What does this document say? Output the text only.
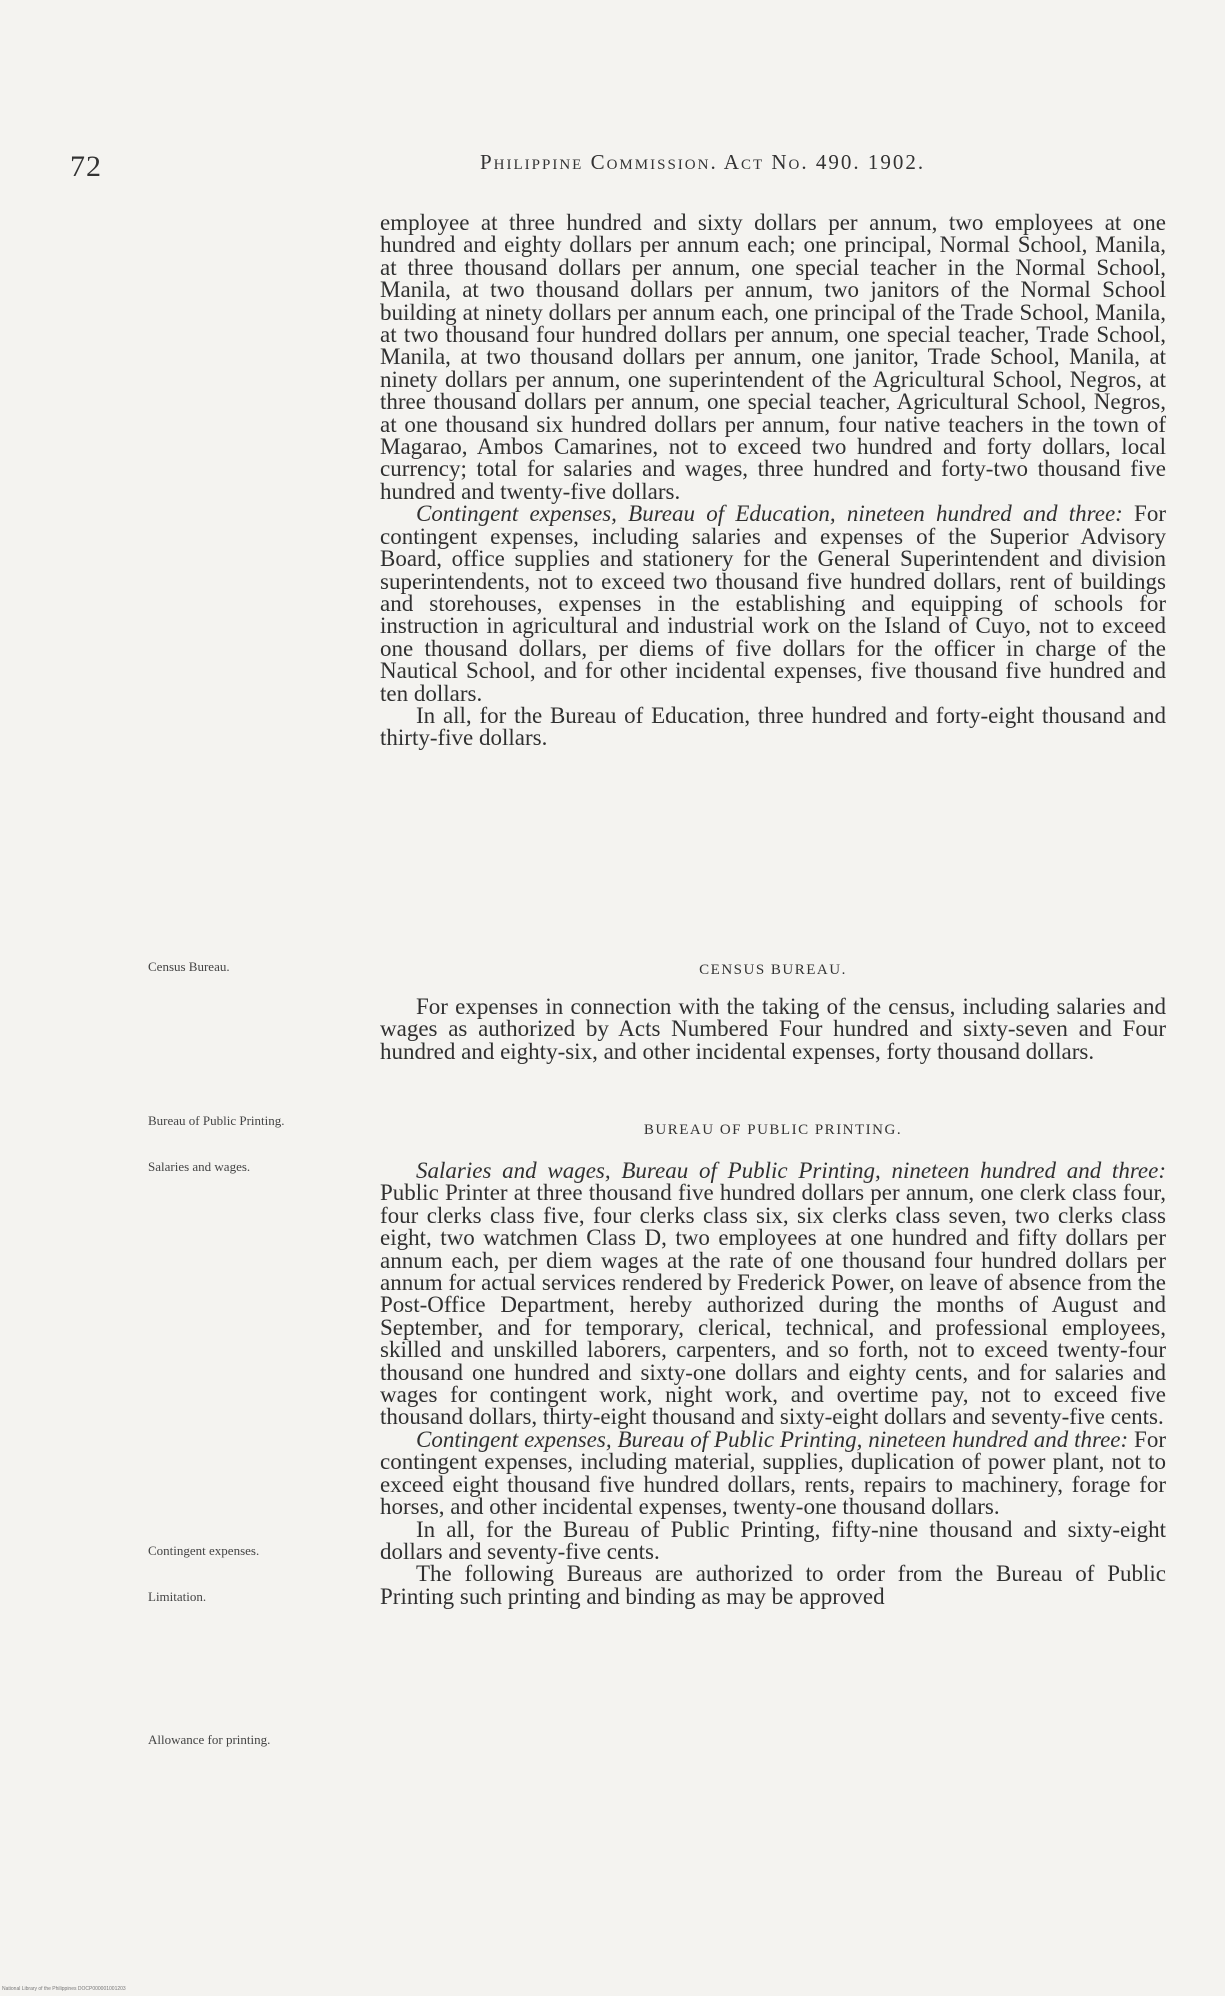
72	Philippine Commission. Act No. 490. 1902.

employee at three hundred and sixty dollars per annum, two employees at one hundred and eighty dollars per annum each; one principal, Normal School, Manila, at three thousand dollars per annum, one special teacher in the Normal School, Manila, at two thousand dollars per annum, two janitors of the Normal School building at ninety dollars per annum each, one principal of the Trade School, Manila, at two thousand four hundred dollars per annum, one special teacher, Trade School, Manila, at two thousand dollars per annum, one janitor, Trade School, Manila, at ninety dollars per annum, one superintendent of the Agricultural School, Negros, at three thousand dollars per annum, one special teacher, Agricultural School, Negros, at one thousand six hundred dollars per annum, four native teachers in the town of Magarao, Ambos Camarines, not to exceed two hundred and forty dollars, local currency; total for salaries and wages, three hundred and forty-two thousand five hundred and twenty-five dollars.

Contingent expenses, Bureau of Education, nineteen hundred and three: For contingent expenses, including salaries and expenses of the Superior Advisory Board, office supplies and stationery for the General Superintendent and division superintendents, not to exceed two thousand five hundred dollars, rent of buildings and storehouses, expenses in the establishing and equipping of schools for instruction in agricultural and industrial work on the Island of Cuyo, not to exceed one thousand dollars, per diems of five dollars for the officer in charge of the Nautical School, and for other incidental expenses, five thousand five hundred and ten dollars.

In all, for the Bureau of Education, three hundred and forty-eight thousand and thirty-five dollars.

Census Bureau.	CENSUS BUREAU.

For expenses in connection with the taking of the census, including salaries and wages as authorized by Acts Numbered Four hundred and sixty-seven and Four hundred and eighty-six, and other incidental expenses, forty thousand dollars.

Bureau of Public Printing.
BUREAU OF PUBLIC PRINTING.
Salaries and wages.	Salaries and wages, Bureau of Public Printing, nineteen hundred and three: Public Printer at three thousand five hundred dollars per annum, one clerk class four, four clerks class five, four clerks class six, six clerks class seven, two clerks class eight, two watchmen Class D, two employees at one hundred and fifty dollars per annum each, per diem wages at the rate of one thousand four hundred dollars per annum for actual services rendered by Frederick Power, on leave of absence from the Post-Office Department, hereby authorized during the months of August and September, and for temporary, clerical, technical, and professional employees, skilled and unskilled laborers, carpenters, and so forth, not to exceed twenty-four thousand one hundred and sixty-one dollars and eighty cents, and for salaries and wages for contingent work, night work, and overtime pay, not to exceed five thousand dollars, thirty-eight thousand and sixty-eight dollars and seventy-five cents.

Contingent expenses, Bureau of Public Printing, nineteen hundred and three: For contingent expenses, including material, supplies, duplication of power plant, not to exceed eight thousand five hundred dollars, rents, repairs to machinery, forage for horses, and other incidental expenses, twenty-one thousand dollars.

In all, for the Bureau of Public Printing, fifty-nine thousand and sixty-eight dollars and seventy-five cents.

The following Bureaus are authorized to order from the Bureau of Public Printing such printing and binding as may be approved

Contingent expenses.
Limitation.
Allowance for printing.
National Library of the Philippines DOCP000001001203
